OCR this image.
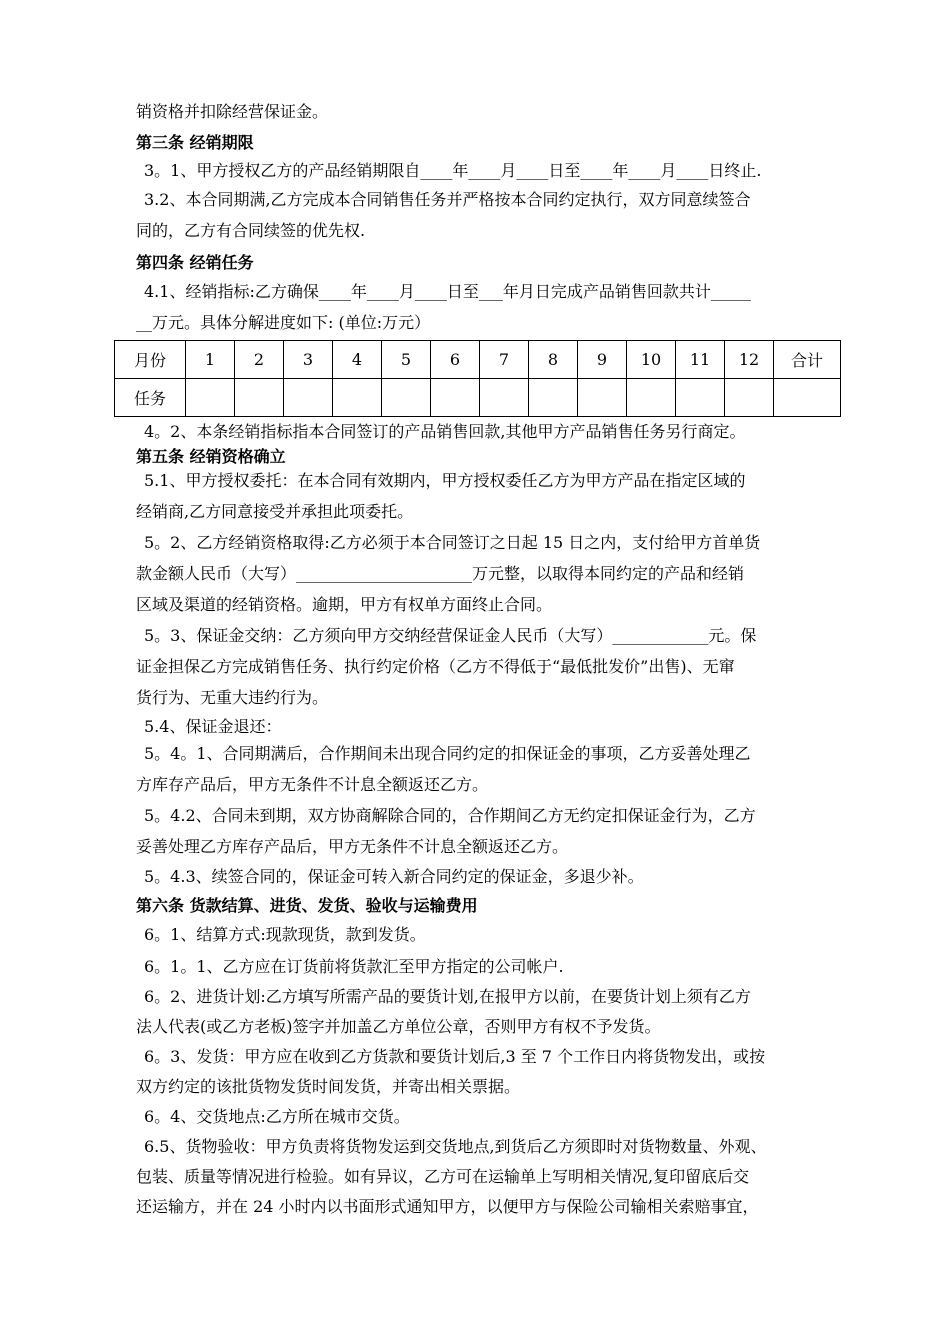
销资格并扣除经营保证金。
第三条 经销期限
3。1、甲方授权乙方的产品经销期限自____年____月____日至____年____月____日终止.
3.2、本合同期满,乙方完成本合同销售任务并严格按本合同约定执行，双方同意续签合
同的，乙方有合同续签的优先权.
第四条 经销任务
4.1、经销指标:乙方确保____年____月____日至___年月日完成产品销售回款共计_____
__万元。具体分解进度如下: (单位:万元）
月份	1	2	3	4	5	6	7	8	9	10	11	12	合计
任务													
4。2、本条经销指标指本合同签订的产品销售回款,其他甲方产品销售任务另行商定。
第五条 经销资格确立
5.1、甲方授权委托：在本合同有效期内，甲方授权委任乙方为甲方产品在指定区域的
经销商,乙方同意接受并承担此项委托。
5。2、乙方经销资格取得:乙方必须于本合同签订之日起 15 日之内，支付给甲方首单货
款金额人民币（大写）______________________万元整，以取得本同约定的产品和经销
区域及渠道的经销资格。逾期，甲方有权单方面终止合同。
5。3、保证金交纳：乙方须向甲方交纳经营保证金人民币（大写）____________元。保
证金担保乙方完成销售任务、执行约定价格（乙方不得低于“最低批发价”出售)、无窜
货行为、无重大违约行为。
5.4、保证金退还：
5。4。1、合同期满后，合作期间未出现合同约定的扣保证金的事项，乙方妥善处理乙
方库存产品后，甲方无条件不计息全额返还乙方。
5。4.2、合同未到期，双方协商解除合同的，合作期间乙方无约定扣保证金行为，乙方
妥善处理乙方库存产品后，甲方无条件不计息全额返还乙方。
5。4.3、续签合同的，保证金可转入新合同约定的保证金，多退少补。
第六条 货款结算、进货、发货、验收与运输费用
6。1、结算方式:现款现货，款到发货。
6。1。1、乙方应在订货前将货款汇至甲方指定的公司帐户.
6。2、进货计划:乙方填写所需产品的要货计划,在报甲方以前，在要货计划上须有乙方
法人代表(或乙方老板)签字并加盖乙方单位公章，否则甲方有权不予发货。
6。3、发货：甲方应在收到乙方货款和要货计划后,3 至 7 个工作日内将货物发出，或按
双方约定的该批货物发货时间发货，并寄出相关票据。
6。4、交货地点:乙方所在城市交货。
6.5、货物验收：甲方负责将货物发运到交货地点,到货后乙方须即时对货物数量、外观、
包装、质量等情况进行检验。如有异议，乙方可在运输单上写明相关情况,复印留底后交
还运输方，并在 24 小时内以书面形式通知甲方，以便甲方与保险公司输相关索赔事宜，
